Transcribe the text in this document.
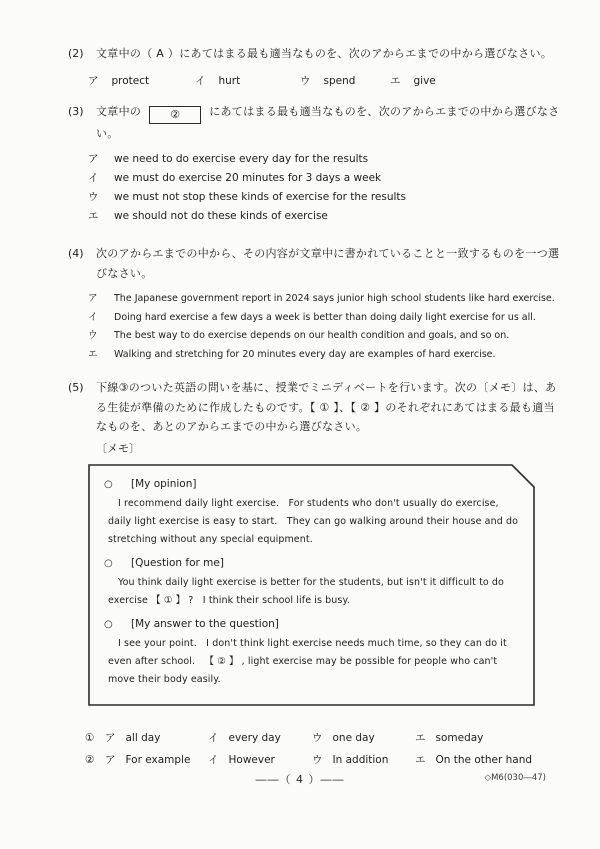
(2)	文章中の（ A ）にあてはまる最も適当なものを、次のアからエまでの中から選びなさい。
ア protect	イ hurt	ウ spend	エ give
(3)	文章中の	②	にあてはまる最も適当なものを、次のアからエまでの中から選びなさい。
ア	we need to do exercise every day for the results
イ	we must do exercise 20 minutes for 3 days a week
ウ	we must not stop these kinds of exercise for the results
エ	we should not do these kinds of exercise
(4)	次のアからエまでの中から、その内容が文章中に書かれていることと一致するものを一つ選びなさい。
ア	The Japanese government report in 2024 says junior high school students like hard exercise.
イ	Doing hard exercise a few days a week is better than doing daily light exercise for us all.
ウ	The best way to do exercise depends on our health condition and goals, and so on.
エ	Walking and stretching for 20 minutes every day are examples of hard exercise.
(5)	下線③のついた英語の問いを基に、授業でミニディベートを行います。次の〔メモ〕は、ある生徒が準備のために作成したものです。【 ① 】、【 ② 】のそれぞれにあてはまる最も適当なものを、あとのアからエまでの中から選びなさい。
〔メモ〕
○	[My opinion]
I recommend daily light exercise.   For students who don't usually do exercise, daily light exercise is easy to start.   They can go walking around their house and do stretching without any special equipment.
○	[Question for me]
You think daily light exercise is better for the students, but isn't it difficult to do exercise 【 ① 】 ?   I think their school life is busy.
○	[My answer to the question]
I see your point.   I don't think light exercise needs much time, so they can do it even after school.   【 ② 】 , light exercise may be possible for people who can't move their body easily.
①	ア all day	イ every day	ウ one day	エ someday
②	ア For example イ However	ウ In addition	エ On the other hand
――（ 4 ）――	◇M6(030―47)
